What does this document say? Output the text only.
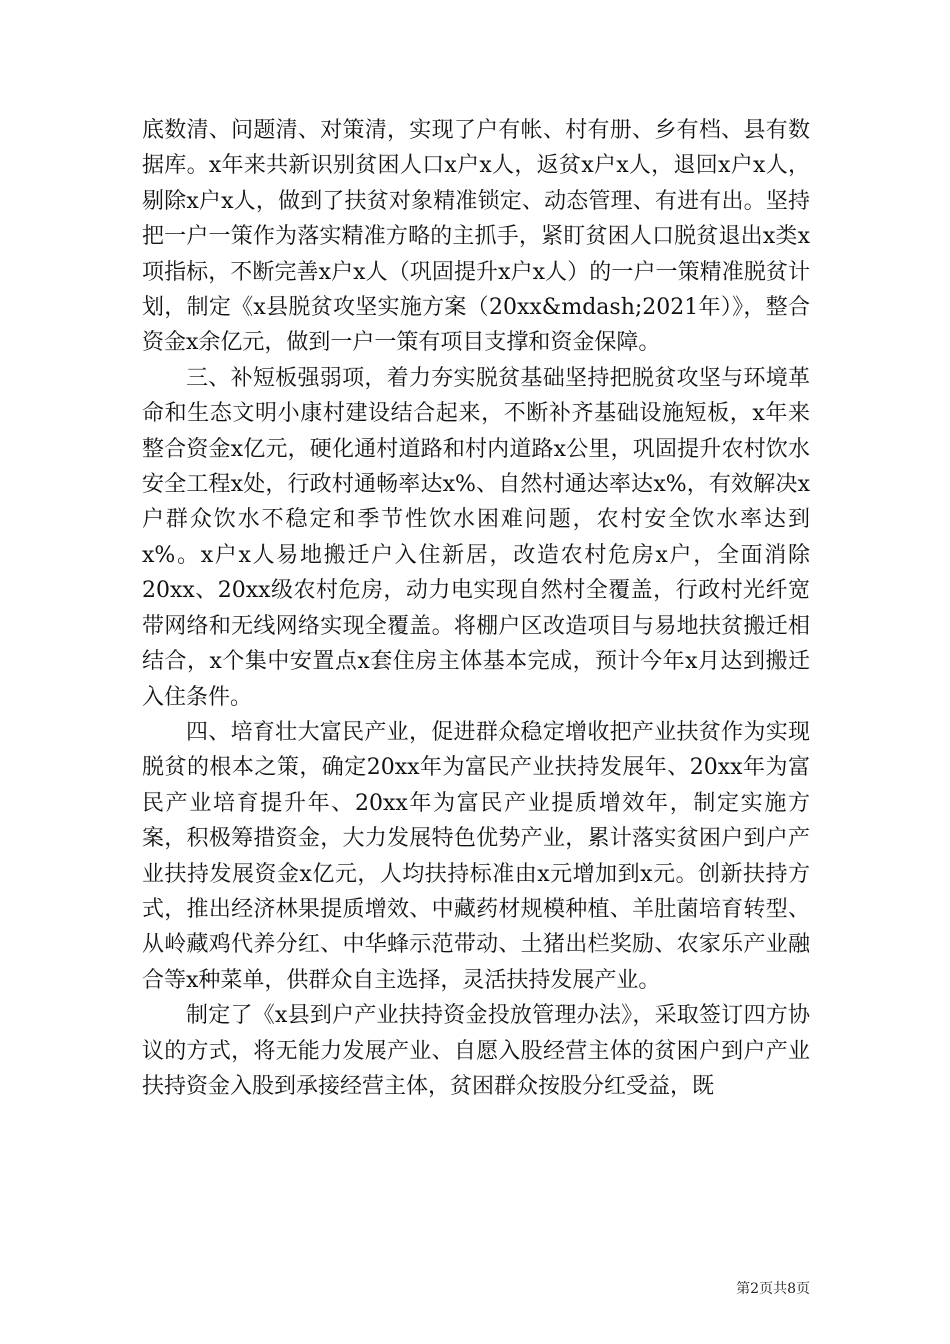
底数清、问题清、对策清，实现了户有帐、村有册、乡有档、县有数据库。x年来共新识别贫困人口x户x人，返贫x户x人，退回x户x人，剔除x户x人，做到了扶贫对象精准锁定、动态管理、有进有出。坚持把一户一策作为落实精准方略的主抓手，紧盯贫困人口脱贫退出x类x项指标，不断完善x户x人（巩固提升x户x人）的一户一策精准脱贫计划，制定《x县脱贫攻坚实施方案（20xx&mdash;2021年）》，整合资金x余亿元，做到一户一策有项目支撑和资金保障。

三、补短板强弱项，着力夯实脱贫基础坚持把脱贫攻坚与环境革命和生态文明小康村建设结合起来，不断补齐基础设施短板，x年来整合资金x亿元，硬化通村道路和村内道路x公里，巩固提升农村饮水安全工程x处，行政村通畅率达x%、自然村通达率达x%，有效解决x户群众饮水不稳定和季节性饮水困难问题，农村安全饮水率达到x%。x户x人易地搬迁户入住新居，改造农村危房x户，全面消除20xx、20xx级农村危房，动力电实现自然村全覆盖，行政村光纤宽带网络和无线网络实现全覆盖。将棚户区改造项目与易地扶贫搬迁相结合，x个集中安置点x套住房主体基本完成，预计今年x月达到搬迁入住条件。

四、培育壮大富民产业，促进群众稳定增收把产业扶贫作为实现脱贫的根本之策，确定20xx年为富民产业扶持发展年、20xx年为富民产业培育提升年、20xx年为富民产业提质增效年，制定实施方案，积极筹措资金，大力发展特色优势产业，累计落实贫困户到户产业扶持发展资金x亿元，人均扶持标准由x元增加到x元。创新扶持方式，推出经济林果提质增效、中藏药材规模种植、羊肚菌培育转型、从岭藏鸡代养分红、中华蜂示范带动、土猪出栏奖励、农家乐产业融合等x种菜单，供群众自主选择，灵活扶持发展产业。

制定了《x县到户产业扶持资金投放管理办法》，采取签订四方协议的方式，将无能力发展产业、自愿入股经营主体的贫困户到户产业扶持资金入股到承接经营主体，贫困群众按股分红受益，既

第2页共8页
